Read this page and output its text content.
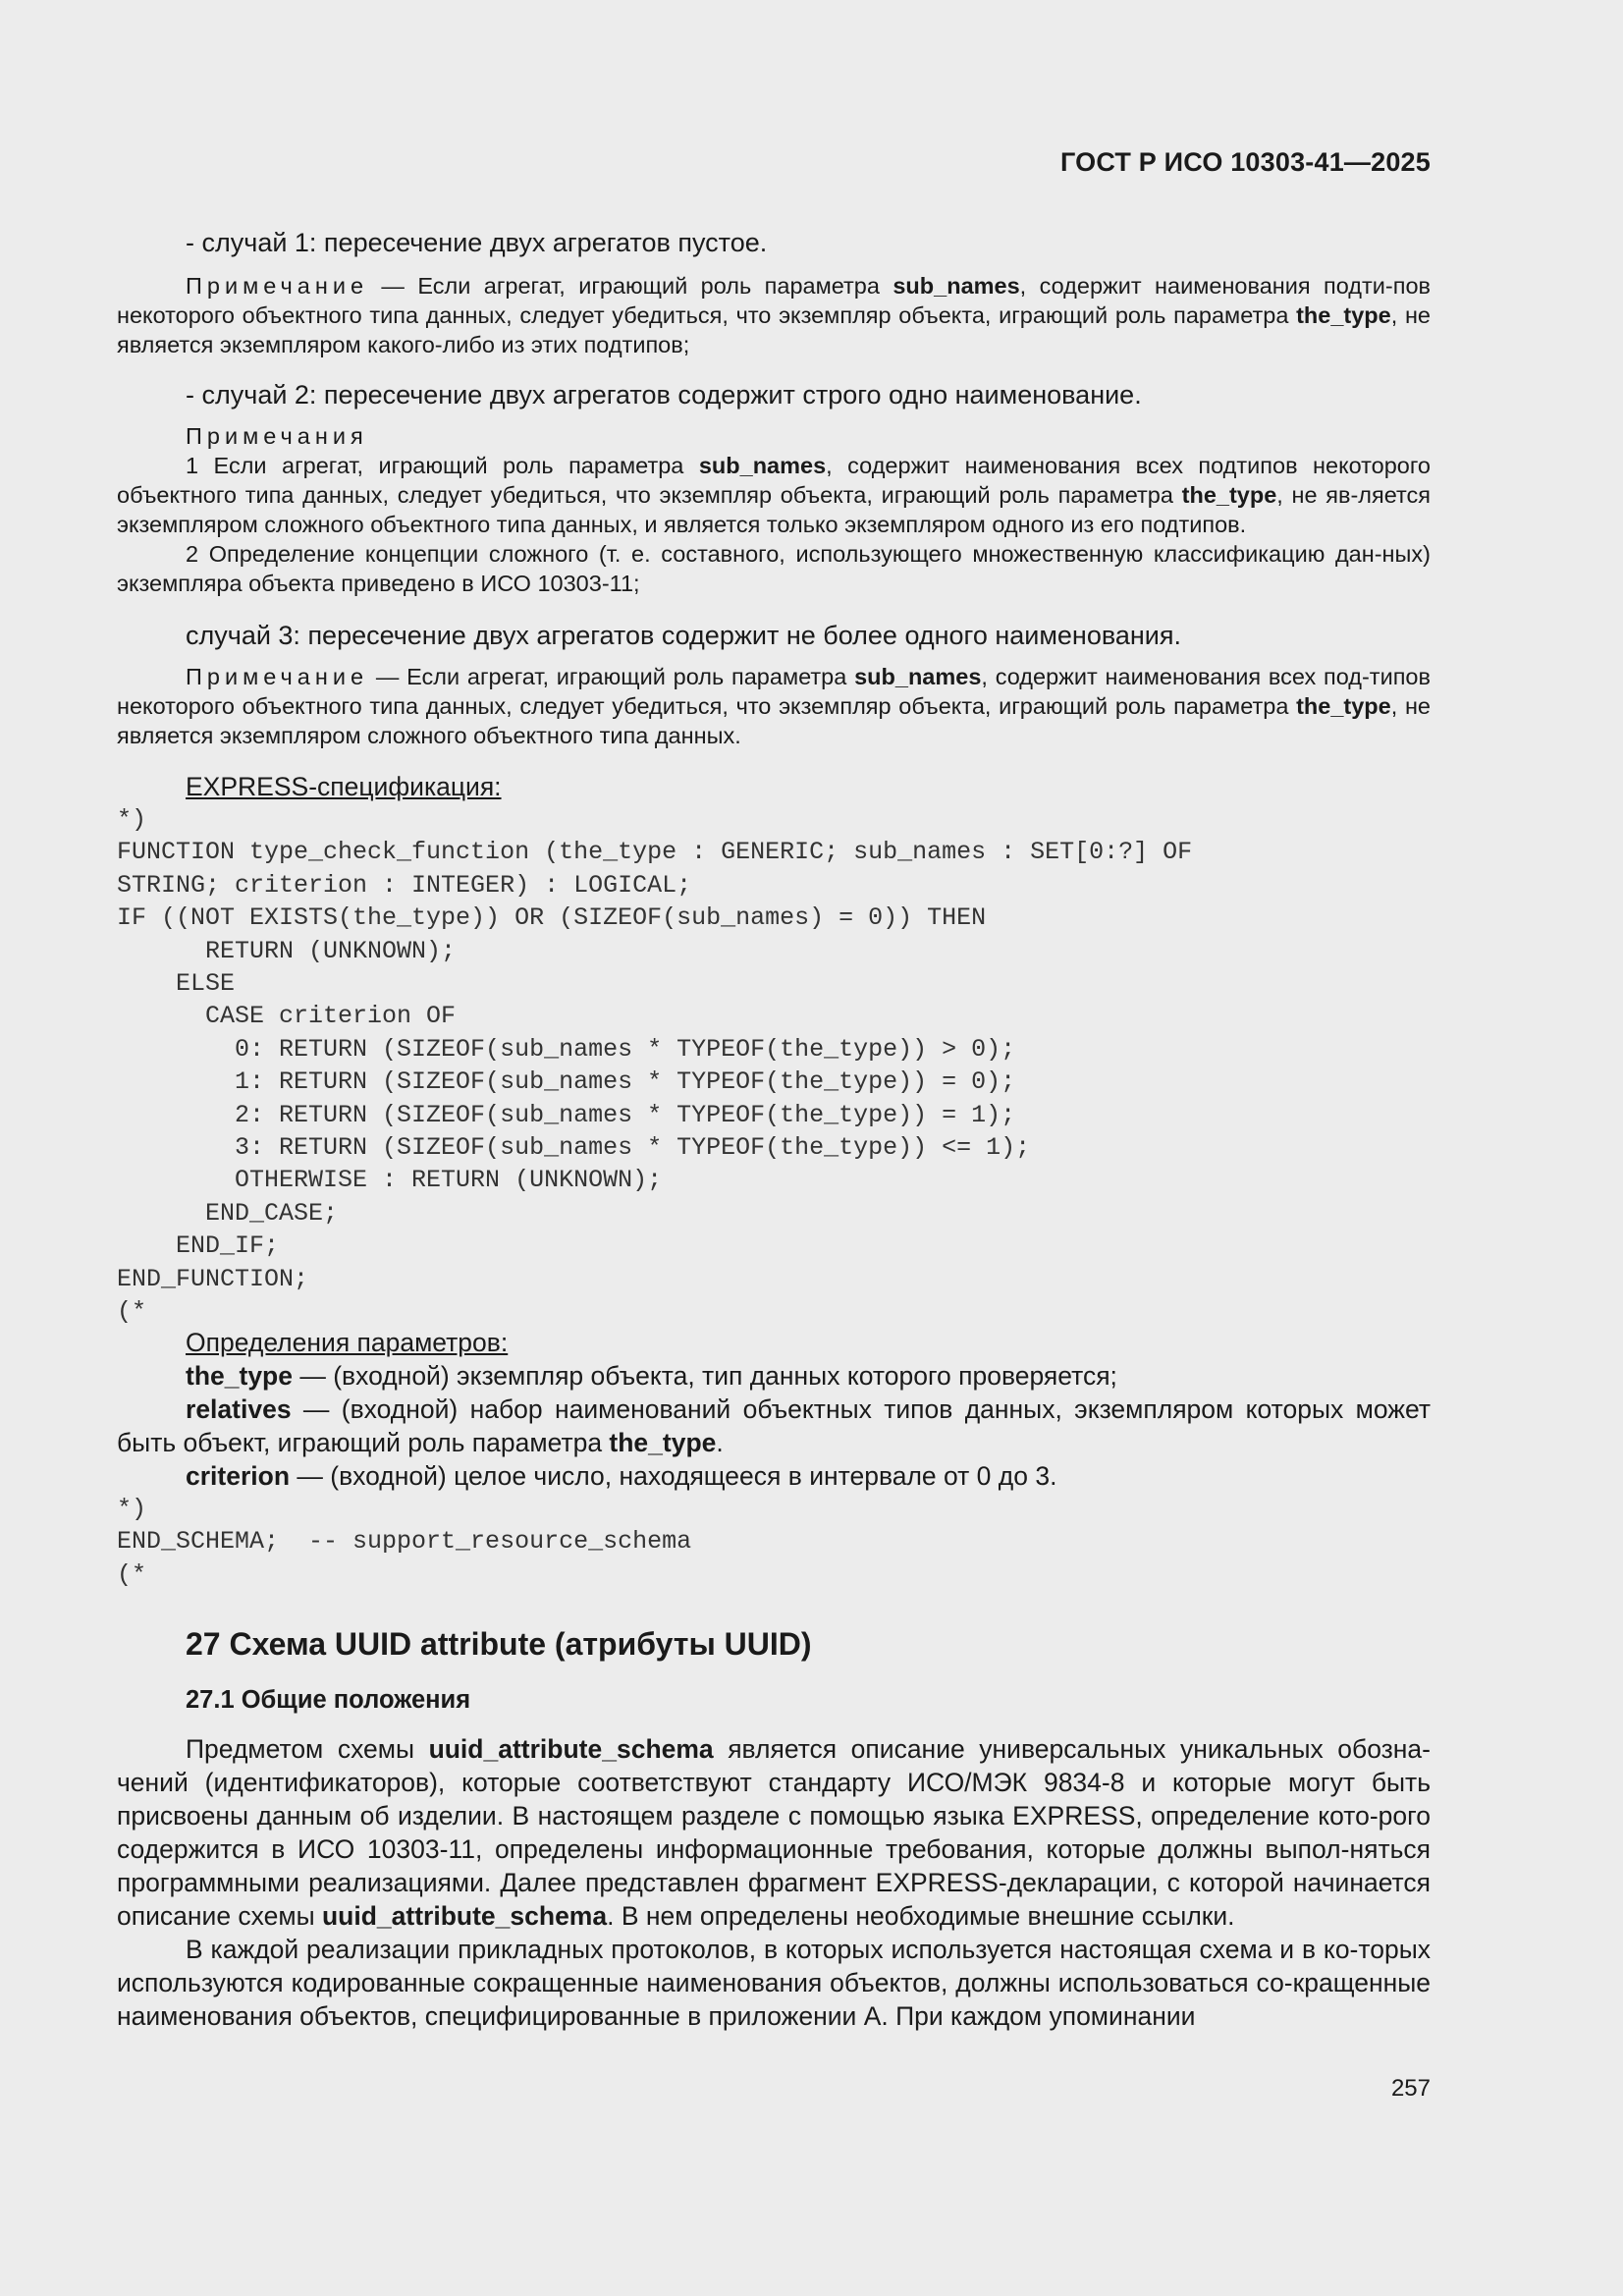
ГОСТ Р ИСО 10303-41—2025

- случай 1: пересечение двух агрегатов пустое.

Примечание — Если агрегат, играющий роль параметра sub_names, содержит наименования подти-пов некоторого объектного типа данных, следует убедиться, что экземпляр объекта, играющий роль параметра the_type, не является экземпляром какого-либо из этих подтипов;

- случай 2: пересечение двух агрегатов содержит строго одно наименование.

Примечания

1 Если агрегат, играющий роль параметра sub_names, содержит наименования всех подтипов некоторого объектного типа данных, следует убедиться, что экземпляр объекта, играющий роль параметра the_type, не яв-ляется экземпляром сложного объектного типа данных, и является только экземпляром одного из его подтипов.

2 Определение концепции сложного (т. е. составного, использующего множественную классификацию дан-ных) экземпляра объекта приведено в ИСО 10303-11;

случай 3: пересечение двух агрегатов содержит не более одного наименования.

Примечание — Если агрегат, играющий роль параметра sub_names, содержит наименования всех под-типов некоторого объектного типа данных, следует убедиться, что экземпляр объекта, играющий роль параметра the_type, не является экземпляром сложного объектного типа данных.

EXPRESS-спецификация:

*)
FUNCTION type_check_function (the_type : GENERIC; sub_names : SET[0:?] OF
STRING; criterion : INTEGER) : LOGICAL;
IF ((NOT EXISTS(the_type)) OR (SIZEOF(sub_names) = 0)) THEN
RETURN (UNKNOWN);
ELSE
CASE criterion OF
0: RETURN (SIZEOF(sub_names * TYPEOF(the_type)) > 0);
1: RETURN (SIZEOF(sub_names * TYPEOF(the_type)) = 0);
2: RETURN (SIZEOF(sub_names * TYPEOF(the_type)) = 1);
3: RETURN (SIZEOF(sub_names * TYPEOF(the_type)) <= 1);
OTHERWISE : RETURN (UNKNOWN);
END_CASE;
END_IF;
END_FUNCTION;
(*

Определения параметров:

the_type — (входной) экземпляр объекта, тип данных которого проверяется;

relatives — (входной) набор наименований объектных типов данных, экземпляром которых может быть объект, играющий роль параметра the_type.

criterion — (входной) целое число, находящееся в интервале от 0 до 3.

*)
END_SCHEMA;  -- support_resource_schema
(*

27 Схема UUID attribute (атрибуты UUID)

27.1 Общие положения

Предметом схемы uuid_attribute_schema является описание универсальных уникальных обозна-чений (идентификаторов), которые соответствуют стандарту ИСО/МЭК 9834-8 и которые могут быть присвоены данным об изделии. В настоящем разделе с помощью языка EXPRESS, определение кото-рого содержится в ИСО 10303-11, определены информационные требования, которые должны выпол-няться программными реализациями. Далее представлен фрагмент EXPRESS-декларации, с которой начинается описание схемы uuid_attribute_schema. В нем определены необходимые внешние ссылки.

В каждой реализации прикладных протоколов, в которых используется настоящая схема и в ко-торых используются кодированные сокращенные наименования объектов, должны использоваться со-кращенные наименования объектов, специфицированные в приложении А. При каждом упоминании

257
